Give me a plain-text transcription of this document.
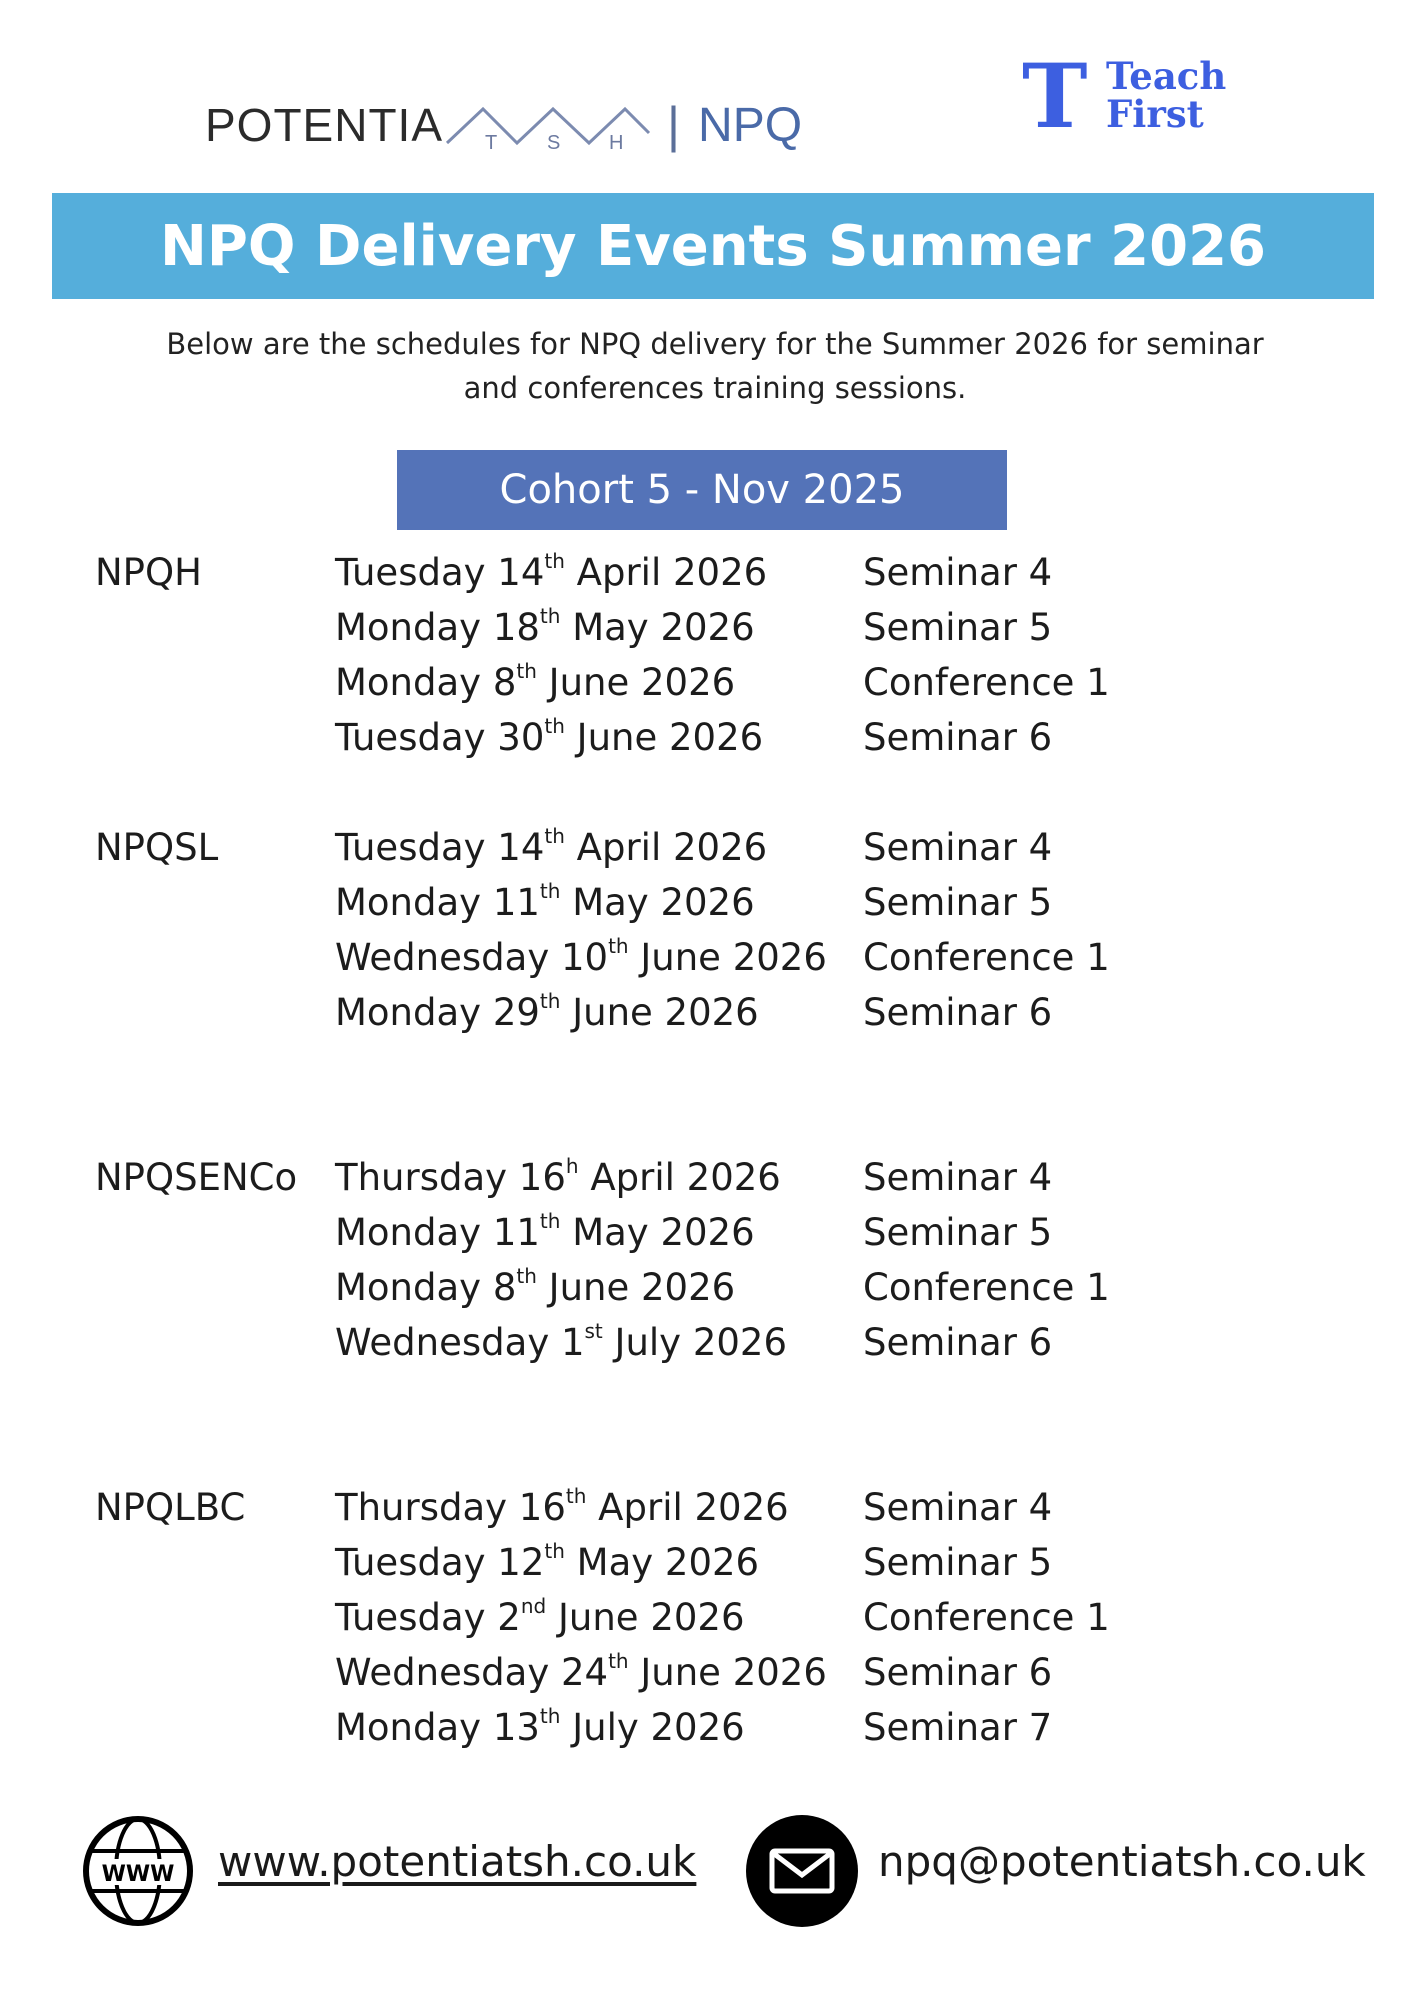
POTENTIA T S H | NPQ T Teach
First
NPQ Delivery Events Summer 2026
Below are the schedules for NPQ delivery for the Summer 2026 for seminar
and conferences training sessions.
Cohort 5 - Nov 2025
NPQH	Tuesday 14th April 2026	Seminar 4
Monday 18th May 2026	Seminar 5
Monday 8th June 2026	Conference 1
Tuesday 30th June 2026	Seminar 6
NPQSL	Tuesday 14th April 2026	Seminar 4
Monday 11th May 2026	Seminar 5
Wednesday 10th June 2026 Conference 1
Monday 29th June 2026	Seminar 6
NPQSENCo	Thursday 16$^h$ April 2026	Seminar 4
Monday 11th May 2026	Seminar 5
Monday 8th June 2026	Conference 1
Wednesday 1st July 2026	Seminar 6
NPQLBC	Thursday 16th April 2026	Seminar 4
Tuesday 12th May 2026	Seminar 5
Tuesday 2nd June 2026	Conference 1
Wednesday 24th June 2026 Seminar 6
Monday 13th July 2026	Seminar 7
WWW www.potentiatsh.co.uk	npq@potentiatsh.co.uk
